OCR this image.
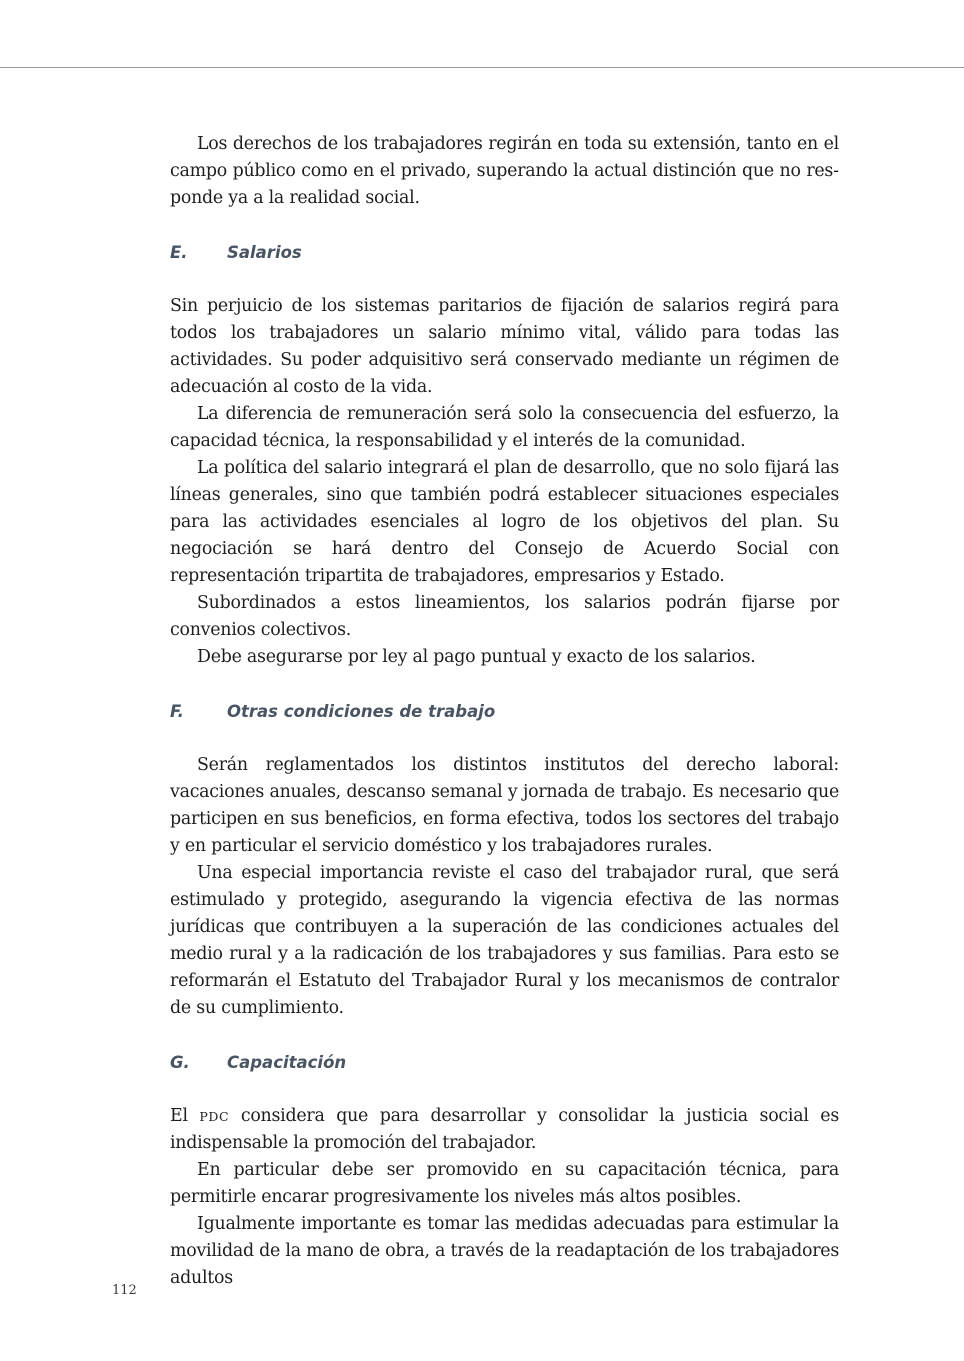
Los derechos de los trabajadores regirán en toda su extensión, tanto en el campo público como en el privado, superando la actual distinción que no responde ya a la realidad social.

E.	Salarios

Sin perjuicio de los sistemas paritarios de fijación de salarios regirá para todos los trabajadores un salario mínimo vital, válido para todas las actividades. Su poder adquisitivo será conservado mediante un régimen de adecuación al costo de la vida.

La diferencia de remuneración será solo la consecuencia del esfuerzo, la capacidad técnica, la responsabilidad y el interés de la comunidad.

La política del salario integrará el plan de desarrollo, que no solo fijará las líneas generales, sino que también podrá establecer situaciones especiales para las actividades esenciales al logro de los objetivos del plan. Su negociación se hará dentro del Consejo de Acuerdo Social con representación tripartita de trabajadores, empresarios y Estado.

Subordinados a estos lineamientos, los salarios podrán fijarse por convenios colectivos.

Debe asegurarse por ley al pago puntual y exacto de los salarios.

F.	Otras condiciones de trabajo

Serán reglamentados los distintos institutos del derecho laboral: vacaciones anuales, descanso semanal y jornada de trabajo. Es necesario que participen en sus beneficios, en forma efectiva, todos los sectores del trabajo y en particular el servicio doméstico y los trabajadores rurales.

Una especial importancia reviste el caso del trabajador rural, que será estimulado y protegido, asegurando la vigencia efectiva de las normas jurídicas que contribuyen a la superación de las condiciones actuales del medio rural y a la radicación de los trabajadores y sus familias. Para esto se reformarán el Estatuto del Trabajador Rural y los mecanismos de contralor de su cumplimiento.

G.	Capacitación

El PDC considera que para desarrollar y consolidar la justicia social es indispensable la promoción del trabajador.

En particular debe ser promovido en su capacitación técnica, para permitirle encarar progresivamente los niveles más altos posibles.

Igualmente importante es tomar las medidas adecuadas para estimular la movilidad de la mano de obra, a través de la readaptación de los trabajadores adultos

112
